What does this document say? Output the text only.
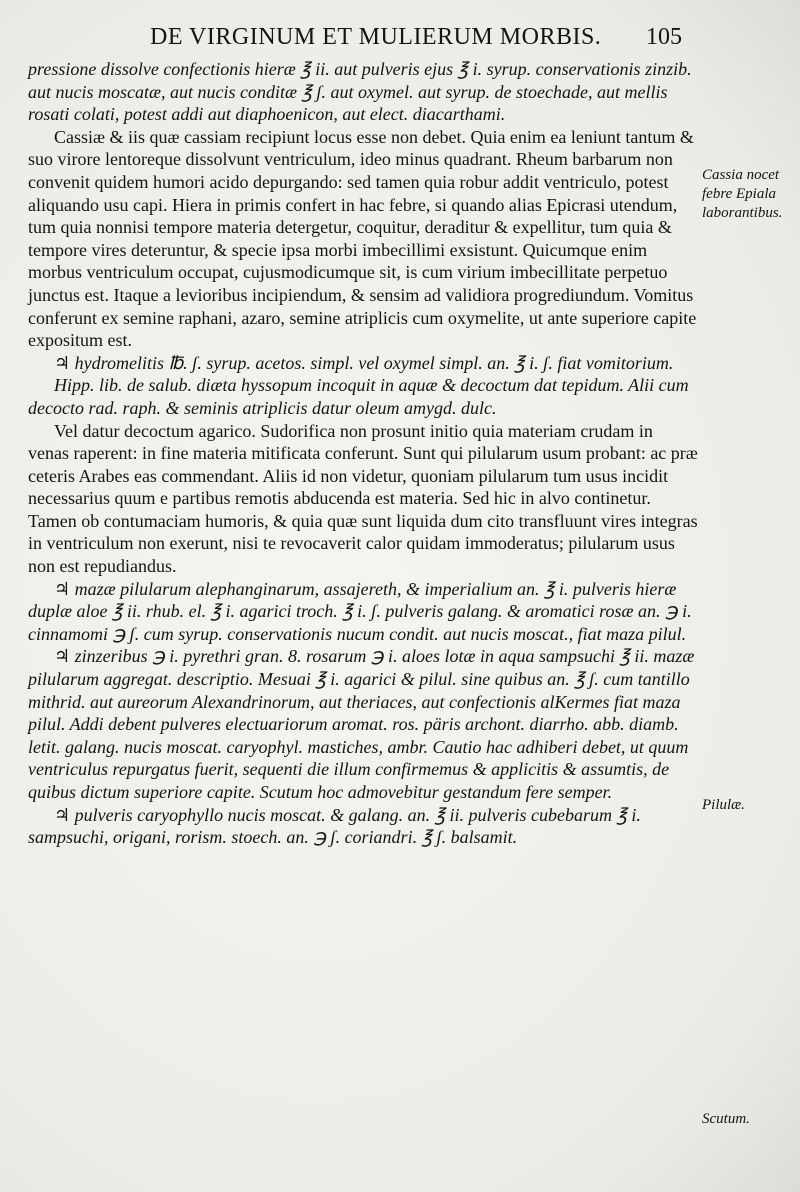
DE VIRGINUM ET MULIERUM MORBIS.	105

pressione dissolve confectionis hieræ ℥ ii. aut pulveris ejus ℥ i. syrup. conservationis zinzib. aut nucis moscatæ, aut nucis conditæ ℥ ʃ. aut oxymel. aut syrup. de stoechade, aut mellis rosati colati, potest addi aut diaphoenicon, aut elect. diacarthami.

Cassiæ & iis quæ cassiam recipiunt locus esse non debet. Quia enim ea leniunt tantum & suo virore lentoreque dissolvunt ventriculum, ideo minus quadrant. Rheum barbarum non convenit quidem humori acido depurgando: sed tamen quia robur addit ventriculo, potest aliquando usu capi. Hiera in primis confert in hac febre, si quando alias Epicrasi utendum, tum quia nonnisi tempore materia detergetur, coquitur, deraditur & expellitur, tum quia & tempore vires deteruntur, & specie ipsa morbi imbecillimi exsistunt. Quicumque enim morbus ventriculum occupat, cujusmodicumque sit, is cum virium imbecillitate perpetuo junctus est. Itaque a levioribus incipiendum, & sensim ad validiora progrediundum. Vomitus conferunt ex semine raphani, azaro, semine atriplicis cum oxymelite, ut ante superiore capite expositum est.

♃ hydromelitis ℔. ʃ. syrup. acetos. simpl. vel oxymel simpl. an. ℥ i. ʃ. fiat vomitorium.

Hipp. lib. de salub. diæta hyssopum incoquit in aquæ & decoctum dat tepidum. Alii cum decocto rad. raph. & seminis atriplicis datur oleum amygd. dulc.

Vel datur decoctum agarico. Sudorifica non prosunt initio quia materiam crudam in venas raperent: in fine materia mitificata conferunt. Sunt qui pilularum usum probant: ac præ ceteris Arabes eas commendant. Aliis id non videtur, quoniam pilularum tum usus incidit necessarius quum e partibus remotis abducenda est materia. Sed hic in alvo continetur. Tamen ob contumaciam humoris, & quia quæ sunt liquida dum cito transfluunt vires integras in ventriculum non exerunt, nisi te revocaverit calor quidam immoderatus; pilularum usus non est repudiandus.

♃ mazæ pilularum alephanginarum, assajereth, & imperialium an. ℥ i. pulveris hieræ duplæ aloe ℥ ii. rhub. el. ℥ i. agarici troch. ℥ i. ʃ. pulveris galang. & aromatici rosæ an. ℈ i. cinnamomi ℈ ʃ. cum syrup. conservationis nucum condit. aut nucis moscat., fiat maza pilul.

♃ zinzeribus ℈ i. pyrethri gran. 8. rosarum ℈ i. aloes lotæ in aqua sampsuchi ℥ ii. mazæ pilularum aggregat. descriptio. Mesuai ℥ i. agarici & pilul. sine quibus an. ℥ ʃ. cum tantillo mithrid. aut aureorum Alexandrinorum, aut theriaces, aut confectionis alKermes fiat maza pilul. Addi debent pulveres electuariorum aromat. ros. päris archont. diarrho. abb. diamb. letit. galang. nucis moscat. caryophyl. mastiches, ambr. Cautio hac adhiberi debet, ut quum ventriculus repurgatus fuerit, sequenti die illum confirmemus & applicitis & assumtis, de quibus dictum superiore capite. Scutum hoc admovebitur gestandum fere semper.

♃ pulveris caryophyllo nucis moscat. & galang. an. ℥ ii. pulveris cubebarum ℥ i. sampsuchi, origani, rorism. stoech. an. ℈ ʃ. coriandri. ℥ ʃ. balsamit.

Cassia nocet febre Epiala laborantibus.
Pilulæ.
Scutum.
